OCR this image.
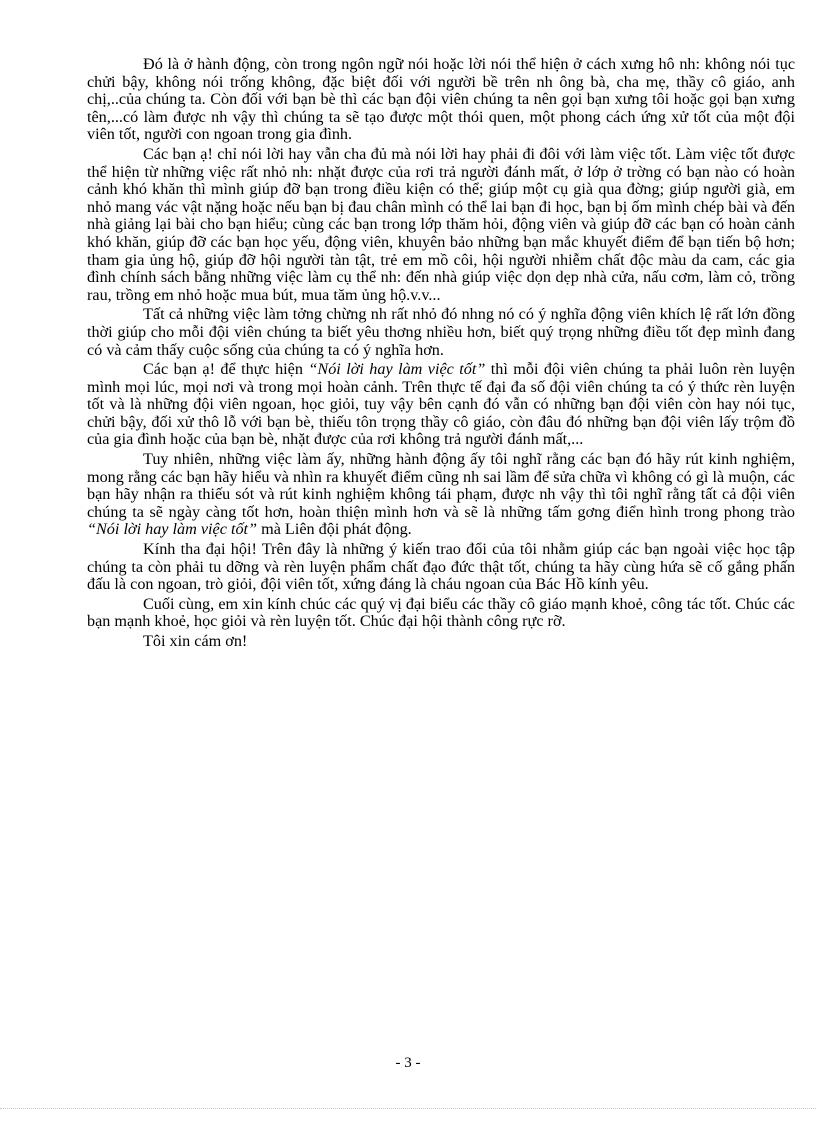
Đó là ở hành động, còn trong ngôn ngữ nói hoặc lời nói thể hiện ở cách xưng hô nh: không nói tục chửi bậy, không nói trống không, đặc biệt đối với người bề trên nh ông bà, cha mẹ, thầy cô giáo, anh chị,..của chúng ta. Còn đối với bạn bè thì các bạn đội viên chúng ta nên gọi bạn xưng tôi hoặc gọi bạn xưng tên,...có làm được nh vậy thì chúng ta sẽ tạo được một thói quen, một phong cách ứng xử tốt của một đội viên tốt, người con ngoan trong gia đình.

Các bạn ạ! chỉ nói lời hay vẫn cha đủ mà nói lời hay phải đi đôi với làm việc tốt. Làm việc tốt được thể hiện từ những việc rất nhỏ nh: nhặt được của rơi trả người đánh mất, ở lớp ở trờng có bạn nào có hoàn cảnh khó khăn thì mình giúp đỡ bạn trong điều kiện có thể; giúp một cụ già qua đờng; giúp người già, em nhỏ mang vác vật nặng hoặc nếu bạn bị đau chân mình có thể lai bạn đi học, bạn bị ốm mình chép bài và đến nhà giảng lại bài cho bạn hiểu; cùng các bạn trong lớp thăm hỏi, động viên và giúp đỡ các bạn có hoàn cảnh khó khăn, giúp đỡ các bạn học yếu, động viên, khuyên bảo những bạn mắc khuyết điểm để bạn tiến bộ hơn; tham gia ủng hộ, giúp đỡ hội người tàn tật, trẻ em mồ côi, hội người nhiễm chất độc màu da cam, các gia đình chính sách bằng những việc làm cụ thể nh: đến nhà giúp việc dọn dẹp nhà cửa, nấu cơm, làm cỏ, trồng rau, trồng em nhỏ hoặc mua bút, mua tăm ủng hộ.v.v...

Tất cả những việc làm tởng chừng nh rất nhỏ đó nhng nó có ý nghĩa động viên khích lệ rất lớn đồng thời giúp cho mỗi đội viên chúng ta biết yêu thơng nhiều hơn, biết quý trọng những điều tốt đẹp mình đang có và cảm thấy cuộc sống của chúng ta có ý nghĩa hơn.

Các bạn ạ! để thực hiện “Nói lời hay làm việc tốt” thì mỗi đội viên chúng ta phải luôn rèn luyện mình mọi lúc, mọi nơi và trong mọi hoàn cảnh. Trên thực tế đại đa số đội viên chúng ta có ý thức rèn luyện tốt và là những đội viên ngoan, học giỏi, tuy vậy bên cạnh đó vẫn có những bạn đội viên còn hay nói tục, chửi bậy, đối xử thô lỗ với bạn bè, thiếu tôn trọng thầy cô giáo, còn đâu đó những bạn đội viên lấy trộm đồ của gia đình hoặc của bạn bè, nhặt được của rơi không trả người đánh mất,...

Tuy nhiên, những việc làm ấy, những hành động ấy tôi nghĩ rằng các bạn đó hãy rút kinh nghiệm, mong rằng các bạn hãy hiểu và nhìn ra khuyết điểm cũng nh sai lầm để sửa chữa vì không có gì là muộn, các bạn hãy nhận ra thiếu sót và rút kinh nghiệm không tái phạm, được nh vậy thì tôi nghĩ rằng tất cả đội viên chúng ta sẽ ngày càng tốt hơn, hoàn thiện mình hơn và sẽ là những tấm gơng điển hình trong phong trào “Nói lời hay làm việc tốt” mà Liên đội phát động.

Kính tha đại hội! Trên đây là những ý kiến trao đổi của tôi nhằm giúp các bạn ngoài việc học tập chúng ta còn phải tu dỡng và rèn luyện phẩm chất đạo đức thật tốt, chúng ta hãy cùng hứa sẽ cố gắng phấn đấu là con ngoan, trò giỏi, đội viên tốt, xứng đáng là cháu ngoan của Bác Hồ kính yêu.

Cuối cùng, em xin kính chúc các quý vị đại biểu các thầy cô giáo mạnh khoẻ, công tác tốt. Chúc các bạn mạnh khoẻ, học giỏi và rèn luyện tốt. Chúc đại hội thành công rực rỡ.

Tôi xin cám ơn!

- 3 -
